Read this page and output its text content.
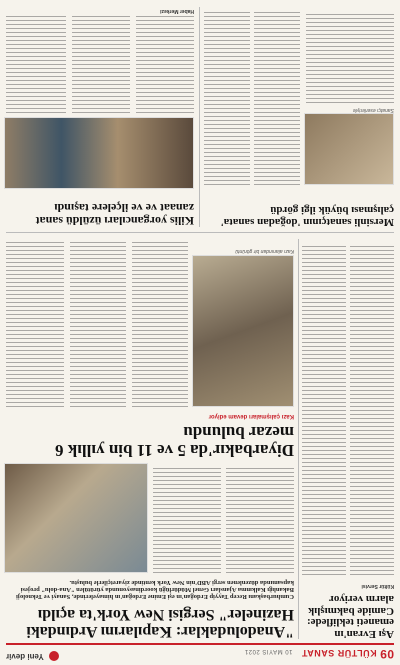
09 KÜLTÜR SANAT 10 MAYIS 2021
Yeni devir
Aşı Evran'ın emaneti tekliflede: Camide bakmışlık alarm veriyor
Kültür Servisi
"Anadoludaklar: Kapılarını Ardındaki Hazineler" Sergisi New York'ta açıldı

Cumhurbaşkanı Recep Tayyip Erdoğan'ın eşi Emine Erdoğan'ın himayelerinde, Sanayi ve Teknoloji Bakanlığı Kalkınma Ajansları Genel Müdürlüğü koordinasyonunda yürütülen "Ana-dolu" projesi kapsamında düzenlenen sergi ABD'nin New York kentinde ziyaretçilerle buluştu.

Diyarbakır'da 5 ve 11 bin yıllık 6 mezar bulundu
Kazı çalışmaları devam ediyor
Kazı alanından bir görüntü
Mersinli sanatçının 'doğadan sanata' çalışması büyük ilgi gördü
Sanatçı eserleriyle
Kilis yorgancıları üzüldü sanat zanaat ve ve ilçelere taşındı
Haber Merkezi
